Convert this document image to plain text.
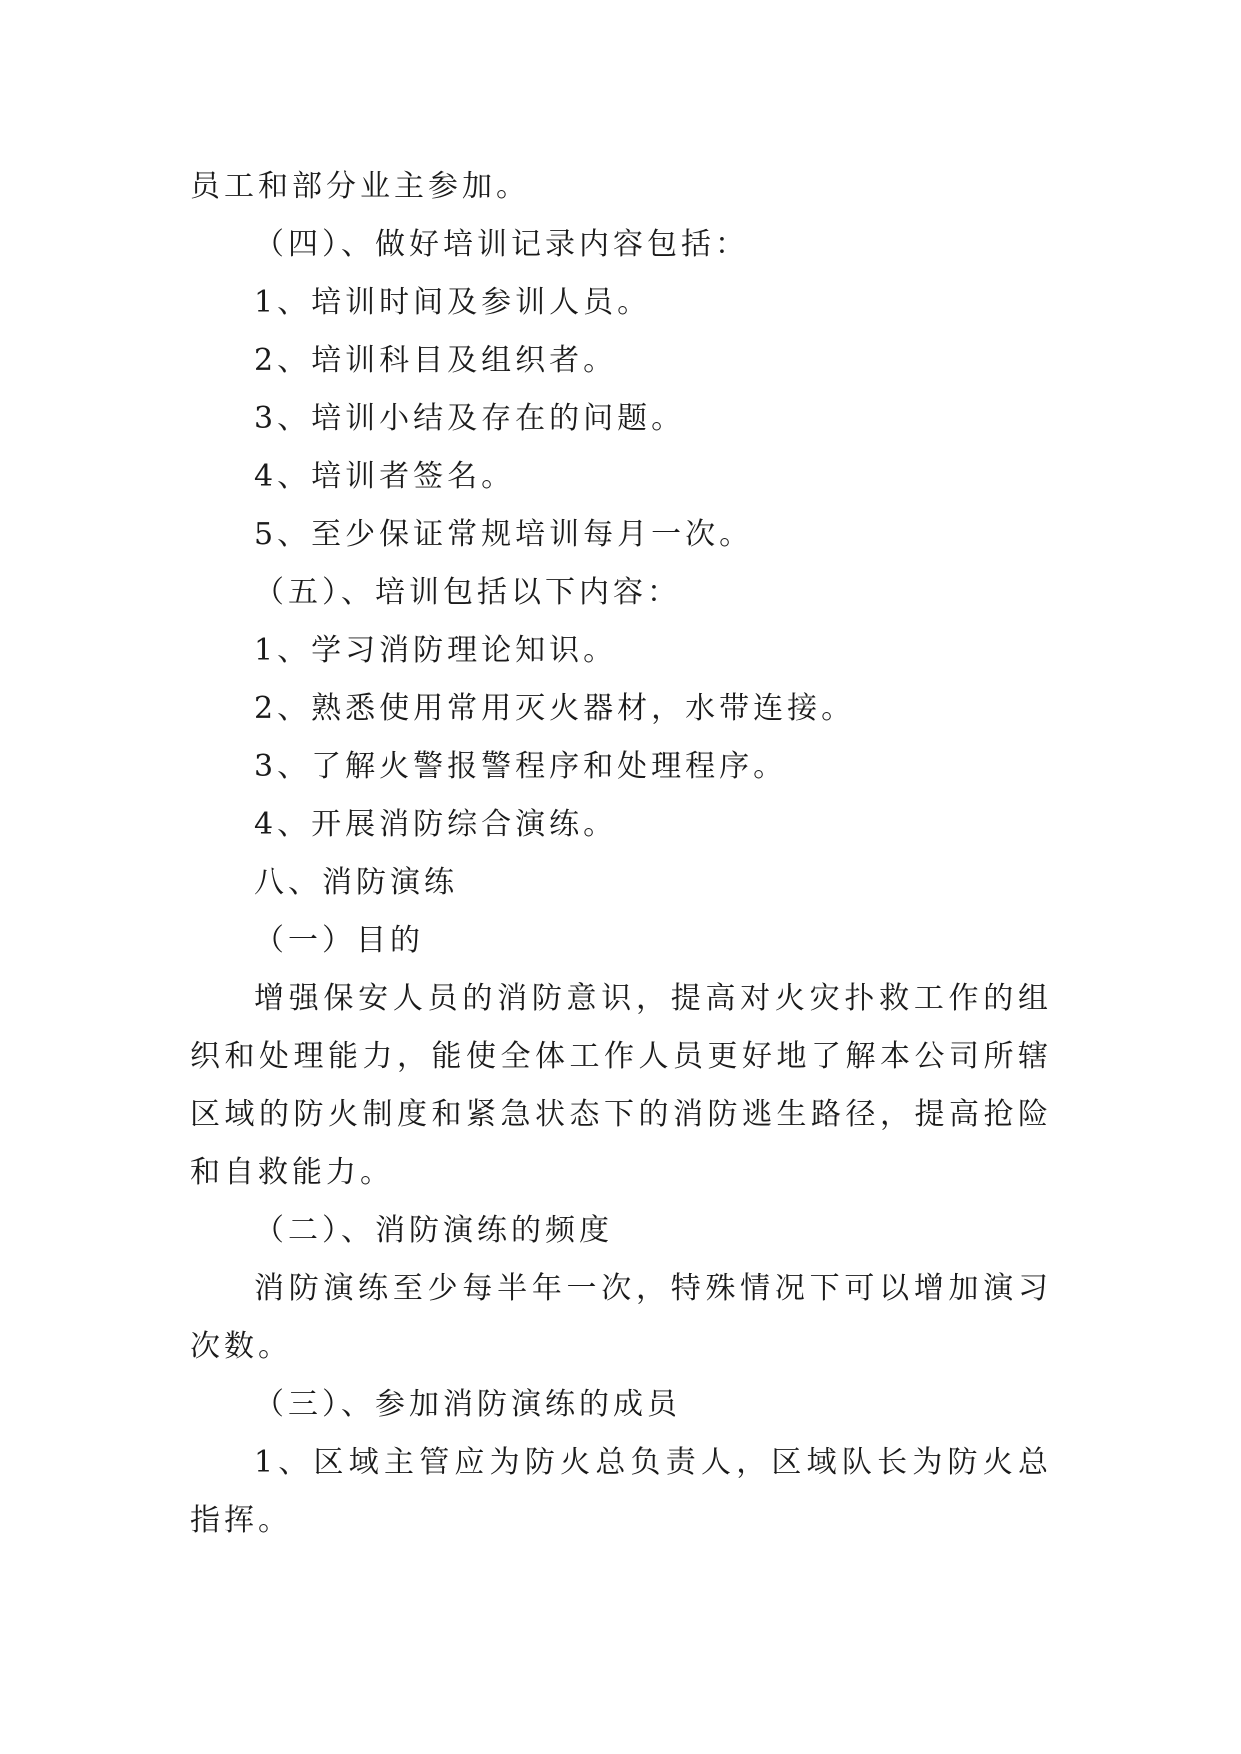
员工和部分业主参加。

（四）、做好培训记录内容包括：

1、培训时间及参训人员。

2、培训科目及组织者。

3、培训小结及存在的问题。

4、培训者签名。

5、至少保证常规培训每月一次。

（五）、培训包括以下内容：

1、学习消防理论知识。

2、熟悉使用常用灭火器材，水带连接。

3、了解火警报警程序和处理程序。

4、开展消防综合演练。

八、消防演练

（一）目的

增强保安人员的消防意识，提高对火灾扑救工作的组织和处理能力，能使全体工作人员更好地了解本公司所辖区域的防火制度和紧急状态下的消防逃生路径，提高抢险和自救能力。

（二）、消防演练的频度

消防演练至少每半年一次，特殊情况下可以增加演习次数。

（三）、参加消防演练的成员

1、区域主管应为防火总负责人，区域队长为防火总指挥。
